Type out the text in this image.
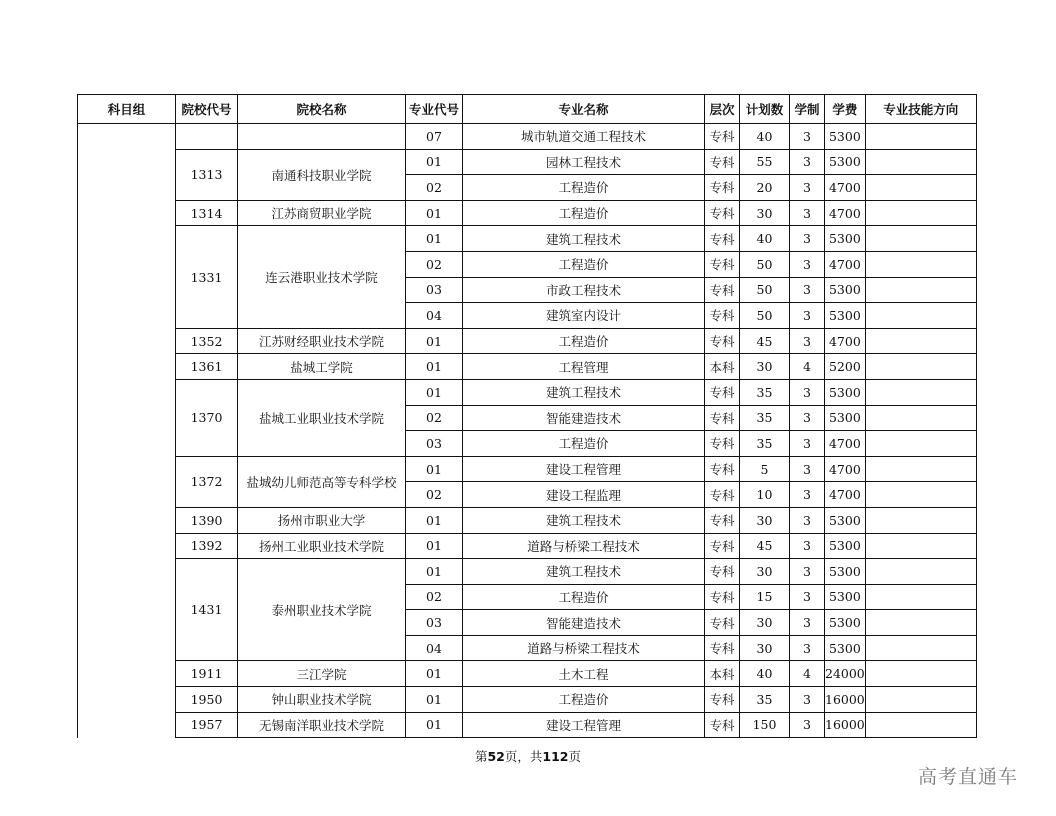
科目组	院校代号	院校名称	专业代号	专业名称	层次	计划数	学制	学费	专业技能方向
			07	城市轨道交通工程技术	专科	40	3	5300	
	1313	南通科技职业学院	01	园林工程技术	专科	55	3	5300	
			02	工程造价	专科	20	3	4700	
	1314	江苏商贸职业学院	01	工程造价	专科	30	3	4700	
	1331	连云港职业技术学院	01	建筑工程技术	专科	40	3	5300	
			02	工程造价	专科	50	3	4700	
			03	市政工程技术	专科	50	3	5300	
			04	建筑室内设计	专科	50	3	5300	
	1352	江苏财经职业技术学院	01	工程造价	专科	45	3	4700	
	1361	盐城工学院	01	工程管理	本科	30	4	5200	
	1370	盐城工业职业技术学院	01	建筑工程技术	专科	35	3	5300	
			02	智能建造技术	专科	35	3	5300	
			03	工程造价	专科	35	3	4700	
	1372	盐城幼儿师范高等专科学校	01	建设工程管理	专科	5	3	4700	
			02	建设工程监理	专科	10	3	4700	
	1390	扬州市职业大学	01	建筑工程技术	专科	30	3	5300	
	1392	扬州工业职业技术学院	01	道路与桥梁工程技术	专科	45	3	5300	
	1431	泰州职业技术学院	01	建筑工程技术	专科	30	3	5300	
			02	工程造价	专科	15	3	5300	
			03	智能建造技术	专科	30	3	5300	
			04	道路与桥梁工程技术	专科	30	3	5300	
	1911	三江学院	01	土木工程	本科	40	4	24000	
	1950	钟山职业技术学院	01	工程造价	专科	35	3	16000	
	1957	无锡南洋职业技术学院	01	建设工程管理	专科	150	3	16000	
第52页，共112页
高考直通车
